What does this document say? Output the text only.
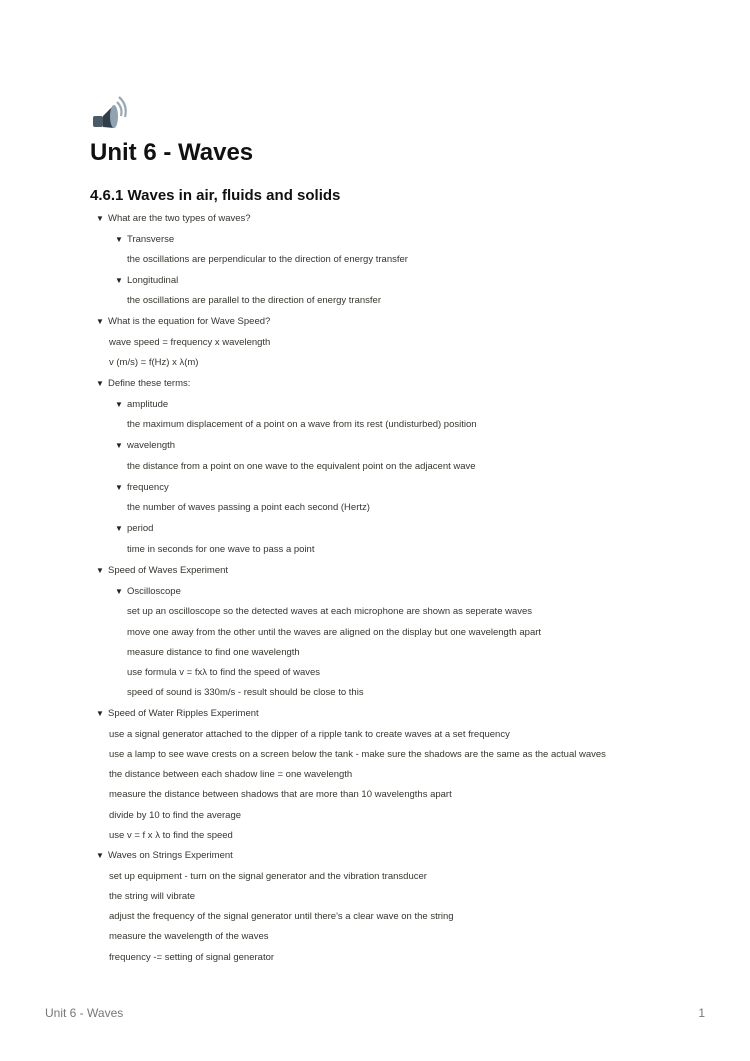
Unit 6 - Waves
4.6.1 Waves in air, fluids and solids
▼ What are the two types of waves?
▼ Transverse
the oscillations are perpendicular to the direction of energy transfer
▼ Longitudinal
the oscillations are parallel to the direction of energy transfer
▼ What is the equation for Wave Speed?
wave speed = frequency x wavelength
v (m/s) = f(Hz) x λ(m)
▼ Define these terms:
▼ amplitude
the maximum displacement of a point on a wave from its rest (undisturbed) position
▼ wavelength
the distance from a point on one wave to the equivalent point on the adjacent wave
▼ frequency
the number of waves passing a point each second (Hertz)
▼ period
time in seconds for one wave to pass a point
▼ Speed of Waves Experiment
▼ Oscilloscope
set up an oscilloscope so the detected waves at each microphone are shown as seperate waves
move one away from the other until the waves are aligned on the display but one wavelength apart
measure distance to find one wavelength
use formula v = fxλ to find the speed of waves
speed of sound is 330m/s - result should be close to this
▼ Speed of Water Ripples Experiment
use a signal generator attached to the dipper of a ripple tank to create waves at a set frequency
use a lamp to see wave crests on a screen below the tank - make sure the shadows are the same as the actual waves
the distance between each shadow line = one wavelength
measure the distance between shadows that are more than 10 wavelengths apart
divide by 10 to find the average
use v = f x λ to find the speed
▼ Waves on Strings Experiment
set up equipment - turn on the signal generator and the vibration transducer
the string will vibrate
adjust the frequency of the signal generator until there's a clear wave on the string
measure the wavelength of the waves
frequency -= setting of signal generator
Unit 6 - Waves	1
